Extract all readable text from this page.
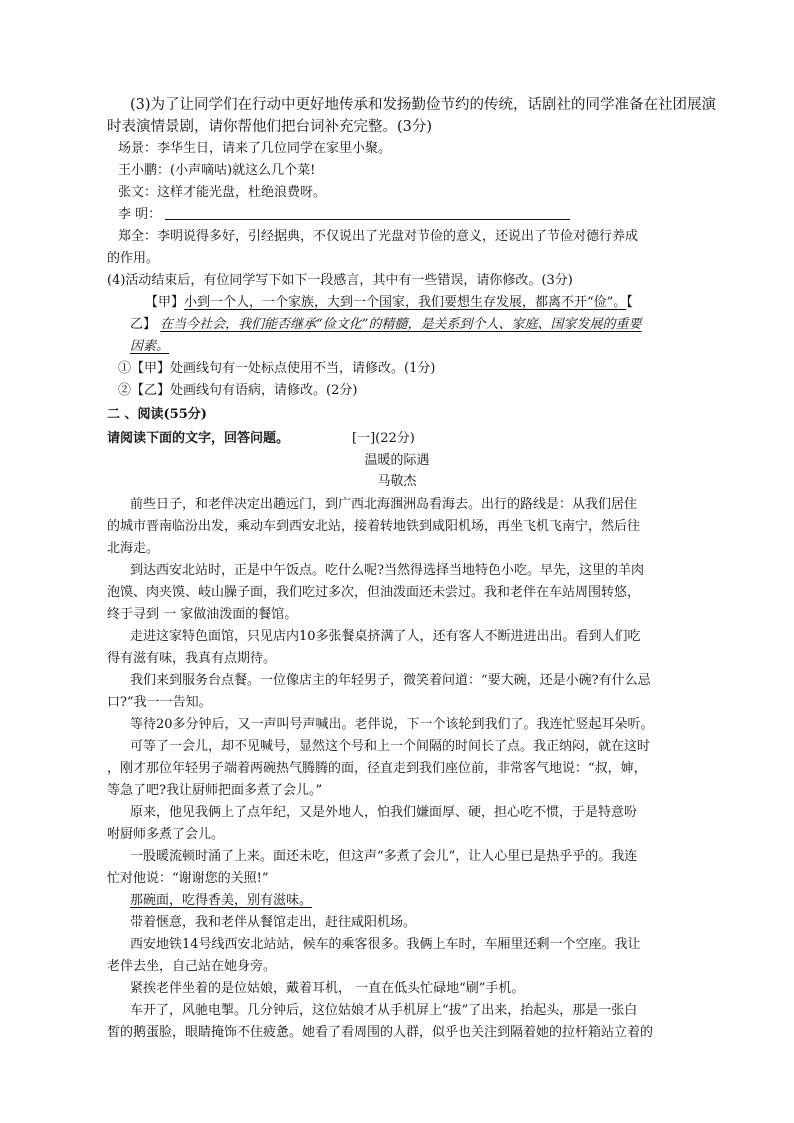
(3)为了让同学们在行动中更好地传承和发扬勤俭节约的传统，话剧社的同学准备在社团展演
时表演情景剧，请你帮他们把台词补充完整。(3分)
场景：李华生日，请来了几位同学在家里小聚。
王小鹏：(小声嘀咕)就这么几个菜!
张文：这样才能光盘，杜绝浪费呀。
李 明：
郑全：李明说得多好，引经据典，不仅说出了光盘对节俭的意义，还说出了节俭对德行养成
的作用。
(4)活动结束后，有位同学写下如下一段感言，其中有一些错误，请你修改。(3分)
【甲】小到一个人，一个家族，大到一个国家，我们要想生存发展，都离不开“俭”。【
乙】 在当今社会，我们能否继承“俭文化”的精髓，是关系到个人、家庭、国家发展的重要
因素。
①【甲】处画线句有一处标点使用不当，请修改。(1分)
②【乙】处画线句有语病，请修改。(2分)
二 、阅读(55分)
请阅读下面的文字，回答问题。	[一](22分)
温暖的际遇
马敬杰
前些日子，和老伴决定出趟远门，到广西北海涠洲岛看海去。出行的路线是：从我们居住
的城市晋南临汾出发，乘动车到西安北站，接着转地铁到咸阳机场，再坐飞机飞南宁，然后往
北海走。
到达西安北站时，正是中午饭点。吃什么呢?当然得选择当地特色小吃。早先，这里的羊肉
泡馍、肉夹馍、岐山臊子面，我们吃过多次，但油泼面还未尝过。我和老伴在车站周围转悠，
终于寻到 一 家做油泼面的餐馆。
走进这家特色面馆，只见店内10多张餐桌挤满了人，还有客人不断进进出出。看到人们吃
得有滋有味，我真有点期待。
我们来到服务台点餐。一位像店主的年轻男子，微笑着问道：“要大碗，还是小碗?有什么忌
口?”我一一告知。
等待20多分钟后，又一声叫号声喊出。老伴说，下一个该轮到我们了。我连忙竖起耳朵听。
可等了一会儿，却不见喊号，显然这个号和上一个间隔的时间长了点。我正纳闷，就在这时
，刚才那位年轻男子端着两碗热气腾腾的面，径直走到我们座位前，非常客气地说：“叔，婶，
等急了吧?我让厨师把面多煮了会儿。”
原来，他见我俩上了点年纪，又是外地人，怕我们嫌面厚、硬，担心吃不惯，于是特意吩
咐厨师多煮了会儿。
一股暖流顿时涌了上来。面还未吃，但这声“多煮了会儿”，让人心里已是热乎乎的。我连
忙对他说：“谢谢您的关照!”
那碗面，吃得香美，别有滋味。
带着惬意，我和老伴从餐馆走出，赶往咸阳机场。
西安地铁14号线西安北站站，候车的乘客很多。我俩上车时，车厢里还剩一个空座。我让
老伴去坐，自己站在她身旁。
紧挨老伴坐着的是位姑娘，戴着耳机， 一直在低头忙碌地“刷”手机。
车开了，风驰电掣。几分钟后，这位姑娘才从手机屏上“拔”了出来，抬起头，那是一张白
皙的鹅蛋脸，眼睛掩饰不住疲惫。她看了看周围的人群，似乎也关注到隔着她的拉杆箱站立着的
